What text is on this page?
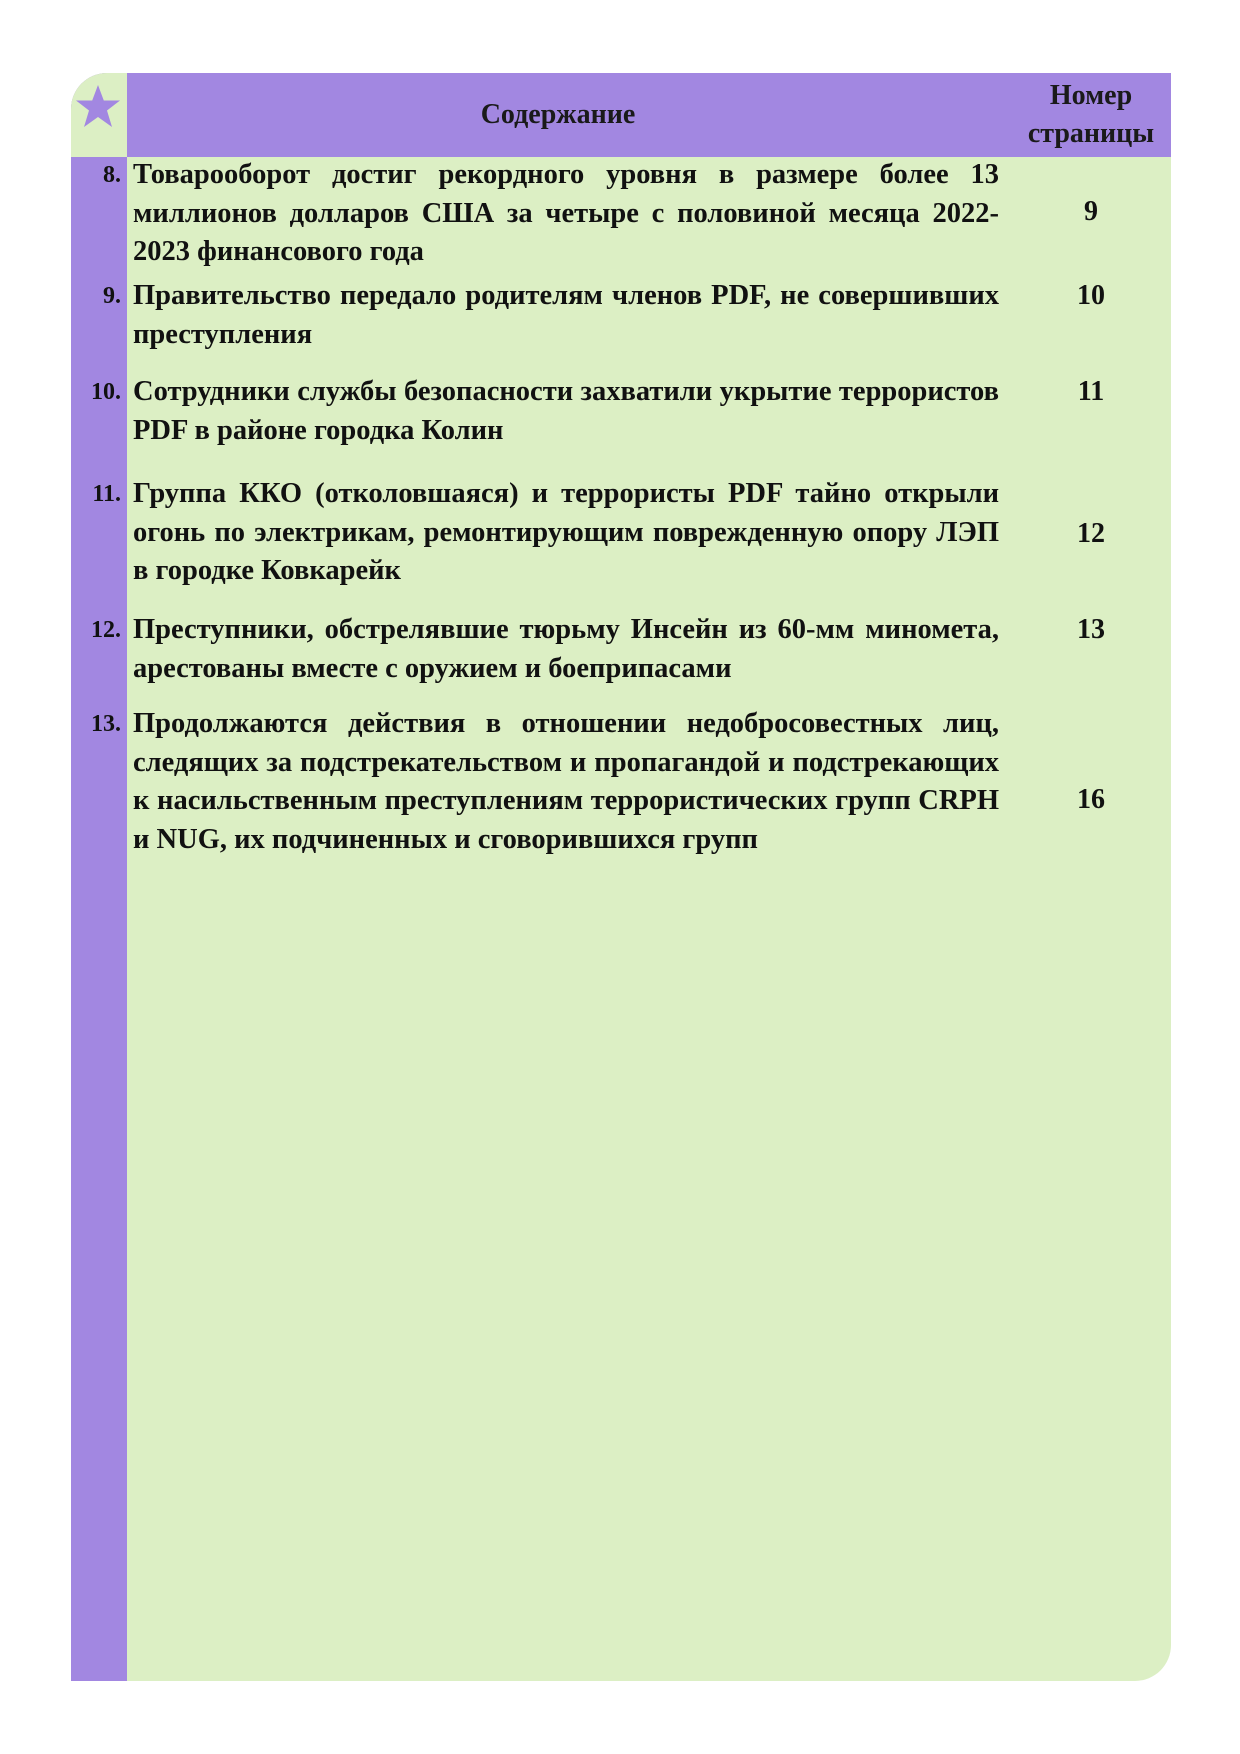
Содержание
Номер
страницы
8. Товарооборот достиг рекордного уровня в размере более 13 миллионов долларов США за четыре с половиной месяца 2022-2023 финансового года
9
9. Правительство передало родителям членов PDF, не совершивших преступления
10
10. Сотрудники службы безопасности захватили укрытие террористов PDF в районе городка Колин
11
11. Группа ККО (отколовшаяся) и террористы PDF тайно открыли огонь по электрикам, ремонтирующим поврежденную опору ЛЭП в городке Ковкарейк
12
12. Преступники, обстрелявшие тюрьму Инсейн из 60-мм миномета, арестованы вместе с оружием и боеприпасами
13
13. Продолжаются действия в отношении недобросовестных лиц, следящих за подстрекательством и пропагандой и подстрекающих к насильственным преступлениям террористических групп CRPH и NUG, их подчиненных и сговорившихся групп
16
